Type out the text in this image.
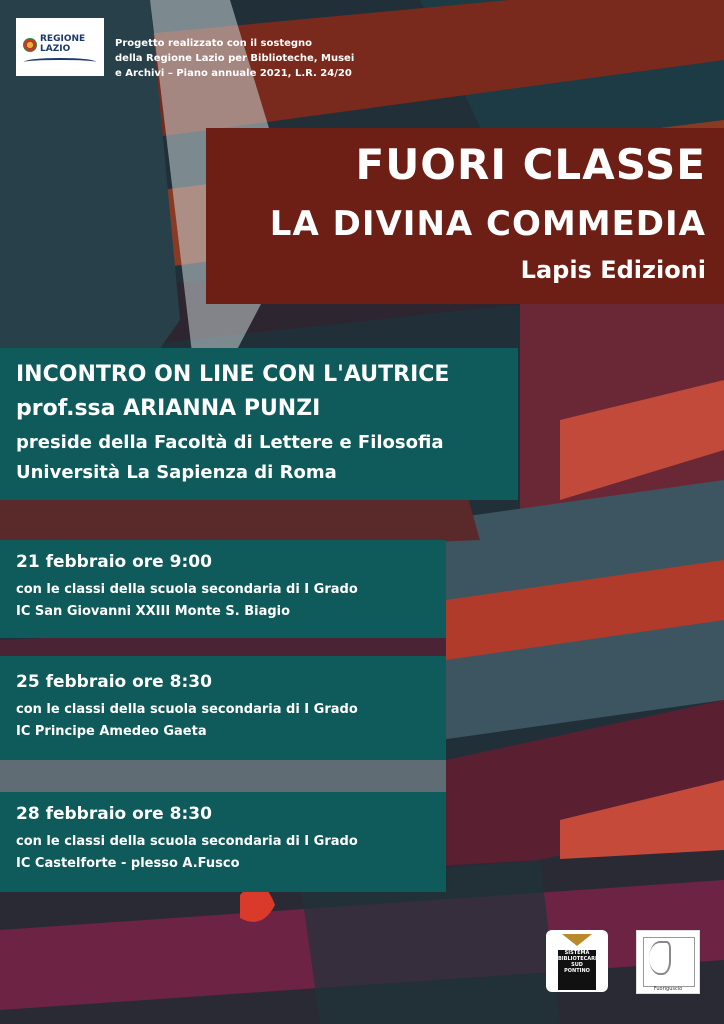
REGIONE LAZIO	Progetto realizzato con il sostegno
della Regione Lazio per Biblioteche, Musei
e Archivi – Piano annuale 2021, L.R. 24/20
FUORI CLASSE
LA DIVINA COMMEDIA
Lapis Edizioni
INCONTRO ON LINE CON L'AUTRICE
prof.ssa ARIANNA PUNZI
preside della Facoltà di Lettere e Filosofia
Università La Sapienza di Roma
21 febbraio ore 9:00
con le classi della scuola secondaria di I Grado
IC San Giovanni XXIII Monte S. Biagio
25 febbraio ore 8:30
con le classi della scuola secondaria di I Grado
IC Principe Amedeo Gaeta
28 febbraio ore 8:30
con le classi della scuola secondaria di I Grado
IC Castelforte - plesso A.Fusco
SISTEMA BIBLIOTECARIO SUD PONTINO
Fuoriguscio
